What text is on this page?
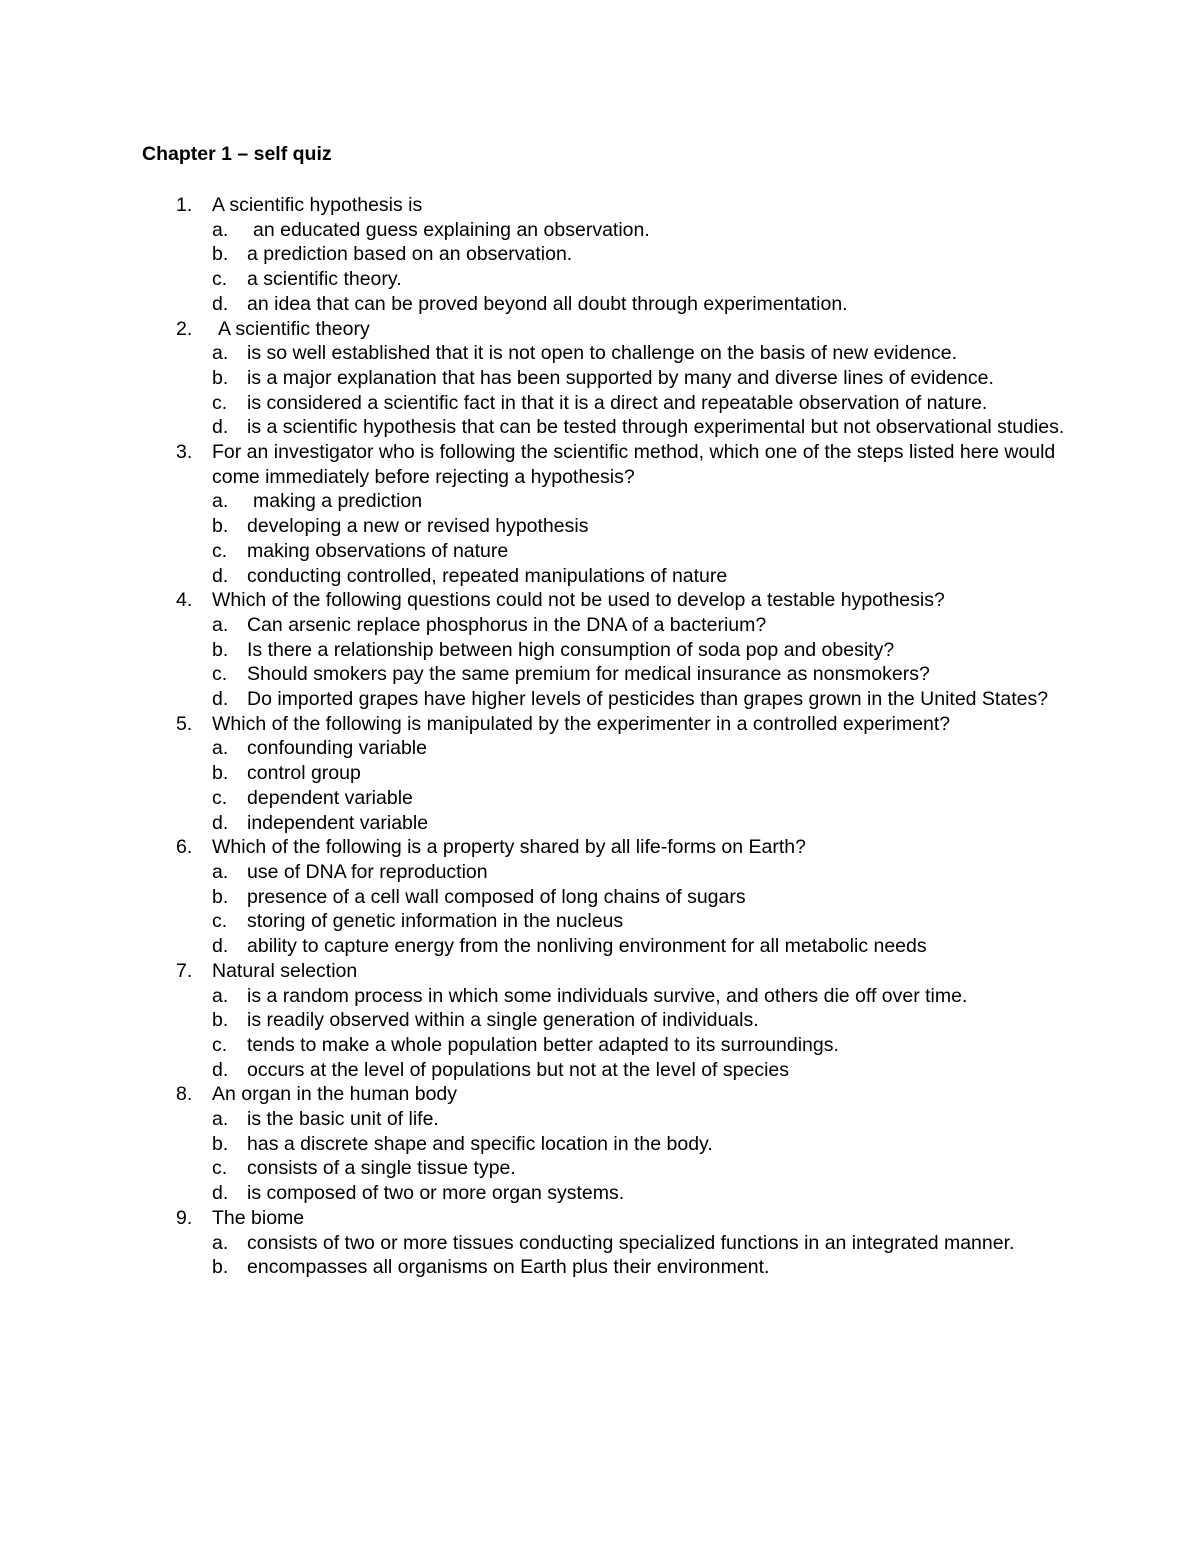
Chapter 1 – self quiz
1. A scientific hypothesis is
a. an educated guess explaining an observation.
b. a prediction based on an observation.
c. a scientific theory.
d. an idea that can be proved beyond all doubt through experimentation.
2.	A scientific theory
a. is so well established that it is not open to challenge on the basis of new evidence.
b. is a major explanation that has been supported by many and diverse lines of evidence.
c. is considered a scientific fact in that it is a direct and repeatable observation of nature.
d. is a scientific hypothesis that can be tested through experimental but not observational studies.
3. For an investigator who is following the scientific method, which one of the steps listed here would come immediately before rejecting a hypothesis?
a. making a prediction
b. developing a new or revised hypothesis
c. making observations of nature
d. conducting controlled, repeated manipulations of nature
4. Which of the following questions could not be used to develop a testable hypothesis?
a. Can arsenic replace phosphorus in the DNA of a bacterium?
b. Is there a relationship between high consumption of soda pop and obesity?
c. Should smokers pay the same premium for medical insurance as nonsmokers?
d. Do imported grapes have higher levels of pesticides than grapes grown in the United States?
5. Which of the following is manipulated by the experimenter in a controlled experiment?
a. confounding variable
b. control group
c. dependent variable
d. independent variable
6. Which of the following is a property shared by all life-forms on Earth?
a. use of DNA for reproduction
b. presence of a cell wall composed of long chains of sugars
c. storing of genetic information in the nucleus
d. ability to capture energy from the nonliving environment for all metabolic needs
7. Natural selection
a. is a random process in which some individuals survive, and others die off over time.
b. is readily observed within a single generation of individuals.
c. tends to make a whole population better adapted to its surroundings.
d. occurs at the level of populations but not at the level of species
8. An organ in the human body
a. is the basic unit of life.
b. has a discrete shape and specific location in the body.
c. consists of a single tissue type.
d. is composed of two or more organ systems.
9. The biome
a. consists of two or more tissues conducting specialized functions in an integrated manner.
b. encompasses all organisms on Earth plus their environment.
